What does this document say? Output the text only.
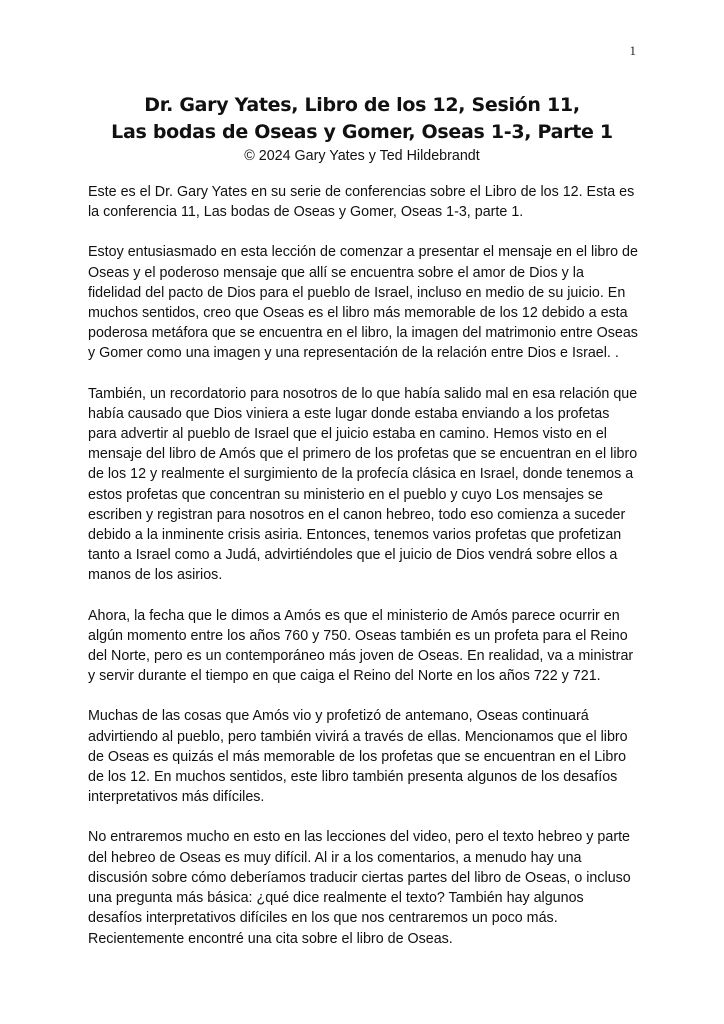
1
Dr. Gary Yates, Libro de los 12, Sesión 11,
Las bodas de Oseas y Gomer, Oseas 1-3, Parte 1
© 2024 Gary Yates y Ted Hildebrandt

Este es el Dr. Gary Yates en su serie de conferencias sobre el Libro de los 12. Esta es la conferencia 11, Las bodas de Oseas y Gomer, Oseas 1-3, parte 1.

Estoy entusiasmado en esta lección de comenzar a presentar el mensaje en el libro de Oseas y el poderoso mensaje que allí se encuentra sobre el amor de Dios y la fidelidad del pacto de Dios para el pueblo de Israel, incluso en medio de su juicio. En muchos sentidos, creo que Oseas es el libro más memorable de los 12 debido a esta poderosa metáfora que se encuentra en el libro, la imagen del matrimonio entre Oseas y Gomer como una imagen y una representación de la relación entre Dios e Israel. .

También, un recordatorio para nosotros de lo que había salido mal en esa relación que había causado que Dios viniera a este lugar donde estaba enviando a los profetas para advertir al pueblo de Israel que el juicio estaba en camino. Hemos visto en el mensaje del libro de Amós que el primero de los profetas que se encuentran en el libro de los 12 y realmente el surgimiento de la profecía clásica en Israel, donde tenemos a estos profetas que concentran su ministerio en el pueblo y cuyo Los mensajes se escriben y registran para nosotros en el canon hebreo, todo eso comienza a suceder debido a la inminente crisis asiria. Entonces, tenemos varios profetas que profetizan tanto a Israel como a Judá, advirtiéndoles que el juicio de Dios vendrá sobre ellos a manos de los asirios.

Ahora, la fecha que le dimos a Amós es que el ministerio de Amós parece ocurrir en algún momento entre los años 760 y 750. Oseas también es un profeta para el Reino del Norte, pero es un contemporáneo más joven de Oseas. En realidad, va a ministrar y servir durante el tiempo en que caiga el Reino del Norte en los años 722 y 721.

Muchas de las cosas que Amós vio y profetizó de antemano, Oseas continuará advirtiendo al pueblo, pero también vivirá a través de ellas. Mencionamos que el libro de Oseas es quizás el más memorable de los profetas que se encuentran en el Libro de los 12. En muchos sentidos, este libro también presenta algunos de los desafíos interpretativos más difíciles.

No entraremos mucho en esto en las lecciones del video, pero el texto hebreo y parte del hebreo de Oseas es muy difícil. Al ir a los comentarios, a menudo hay una discusión sobre cómo deberíamos traducir ciertas partes del libro de Oseas, o incluso una pregunta más básica: ¿qué dice realmente el texto? También hay algunos desafíos interpretativos difíciles en los que nos centraremos un poco más. Recientemente encontré una cita sobre el libro de Oseas.
